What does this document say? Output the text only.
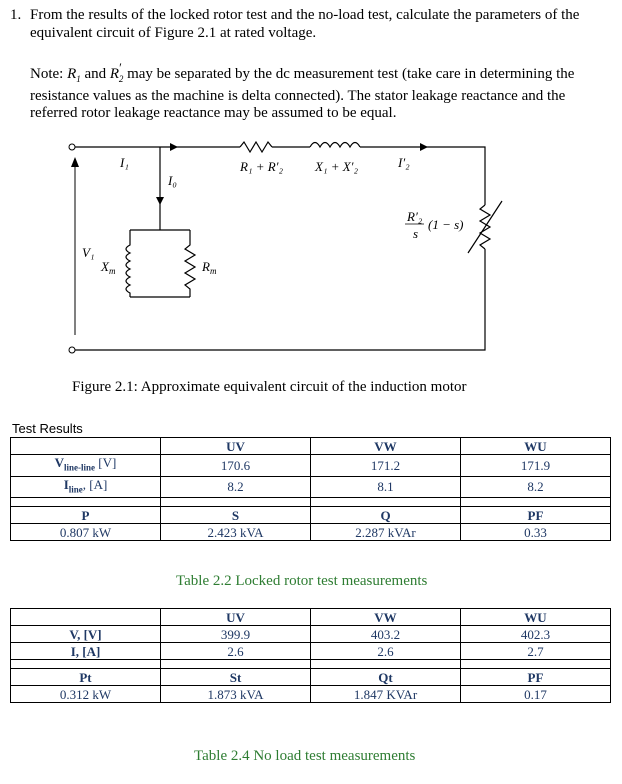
1. From the results of the locked rotor test and the no-load test, calculate the parameters of the equivalent circuit of Figure 2.1 at rated voltage.
Note: $R_1$ and $R'_2$ may be separated by the dc measurement test (take care in determining the resistance values as the machine is delta connected). The stator leakage reactance and the referred rotor leakage reactance may be assumed to be equal.
I₁
I₀
R₁ + R′₂ X₁ + X′₂	I′₂
R′₂
s
(1 − s)
V₁
$X_m$	$R_m$
Figure 2.1: Approximate equivalent circuit of the induction motor
Test Results
	UV	VW	WU
$V_{line-line}$ [V]	170.6	171.2	171.9
$I_{line}$, [A]	8.2	8.1	8.2

P	S	Q	PF
0.807 kW	2.423 kVA	2.287 kVAr	0.33
Table 2.2 Locked rotor test measurements
	UV	VW	WU
V, [V]	399.9	403.2	402.3
I, [A]	2.6	2.6	2.7

Pt	St	Qt	PF
0.312 kW	1.873 kVA	1.847 KVAr	0.17
Table 2.4 No load test measurements
